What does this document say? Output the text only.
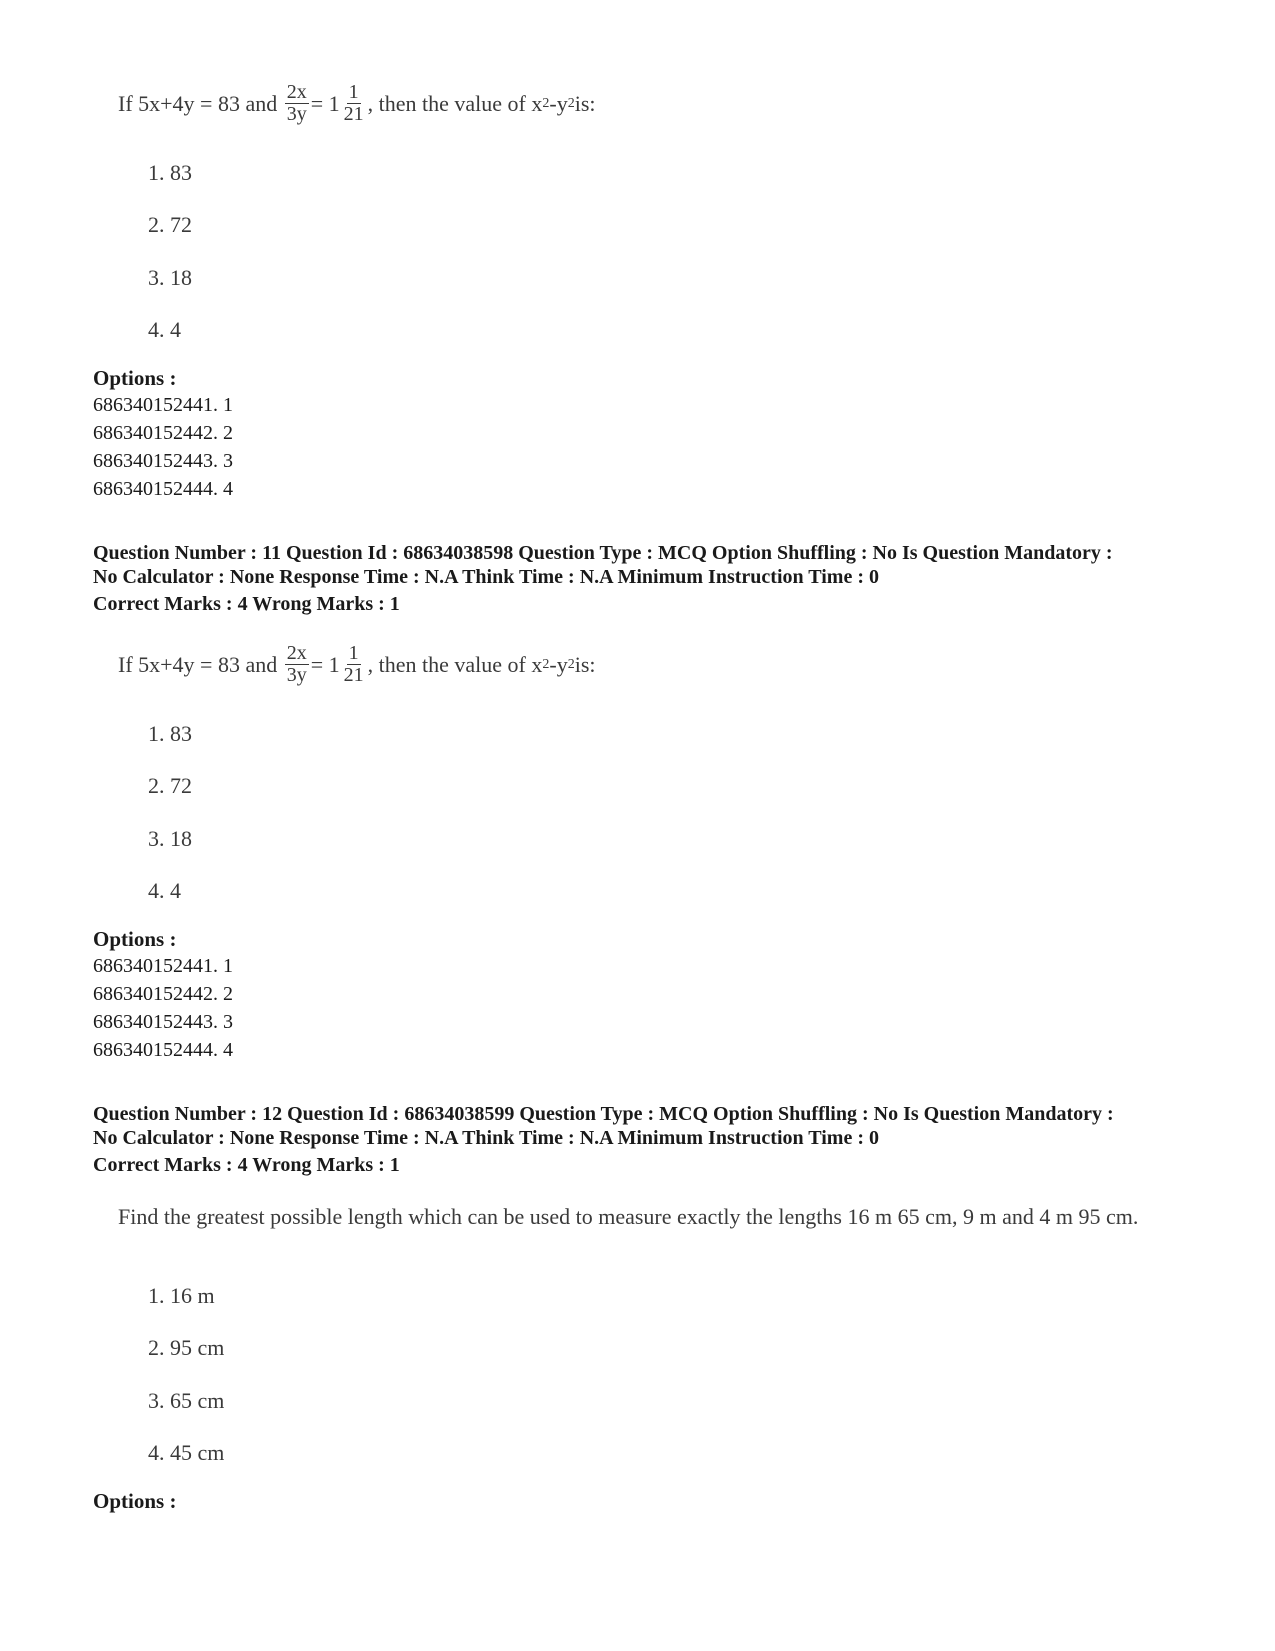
If 5x+4y = 83 and
$\frac{2x}{3y} = 1 \frac{1}{21}$ , then the value of x 2 -y 2 is:
1. 83
2. 72
3. 18
4. 4
Options :
686340152441. 1
686340152442. 2
686340152443. 3
686340152444. 4
Question Number : 11 Question Id : 68634038598 Question Type : MCQ Option Shuffling : No Is Question Mandatory :
No Calculator : None Response Time : N.A Think Time : N.A Minimum Instruction Time : 0
Correct Marks : 4 Wrong Marks : 1
If 5x+4y = 83 and
$\frac{2x}{3y} = 1 \frac{1}{21}$ , then the value of x 2 -y 2 is:
1. 83
2. 72
3. 18
4. 4
Options :
686340152441. 1
686340152442. 2
686340152443. 3
686340152444. 4
Question Number : 12 Question Id : 68634038599 Question Type : MCQ Option Shuffling : No Is Question Mandatory :
No Calculator : None Response Time : N.A Think Time : N.A Minimum Instruction Time : 0
Correct Marks : 4 Wrong Marks : 1
Find the greatest possible length which can be used to measure exactly the lengths 16 m 65 cm, 9 m and 4 m 95 cm.
1. 16 m
2. 95 cm
3. 65 cm
4. 45 cm
Options :
